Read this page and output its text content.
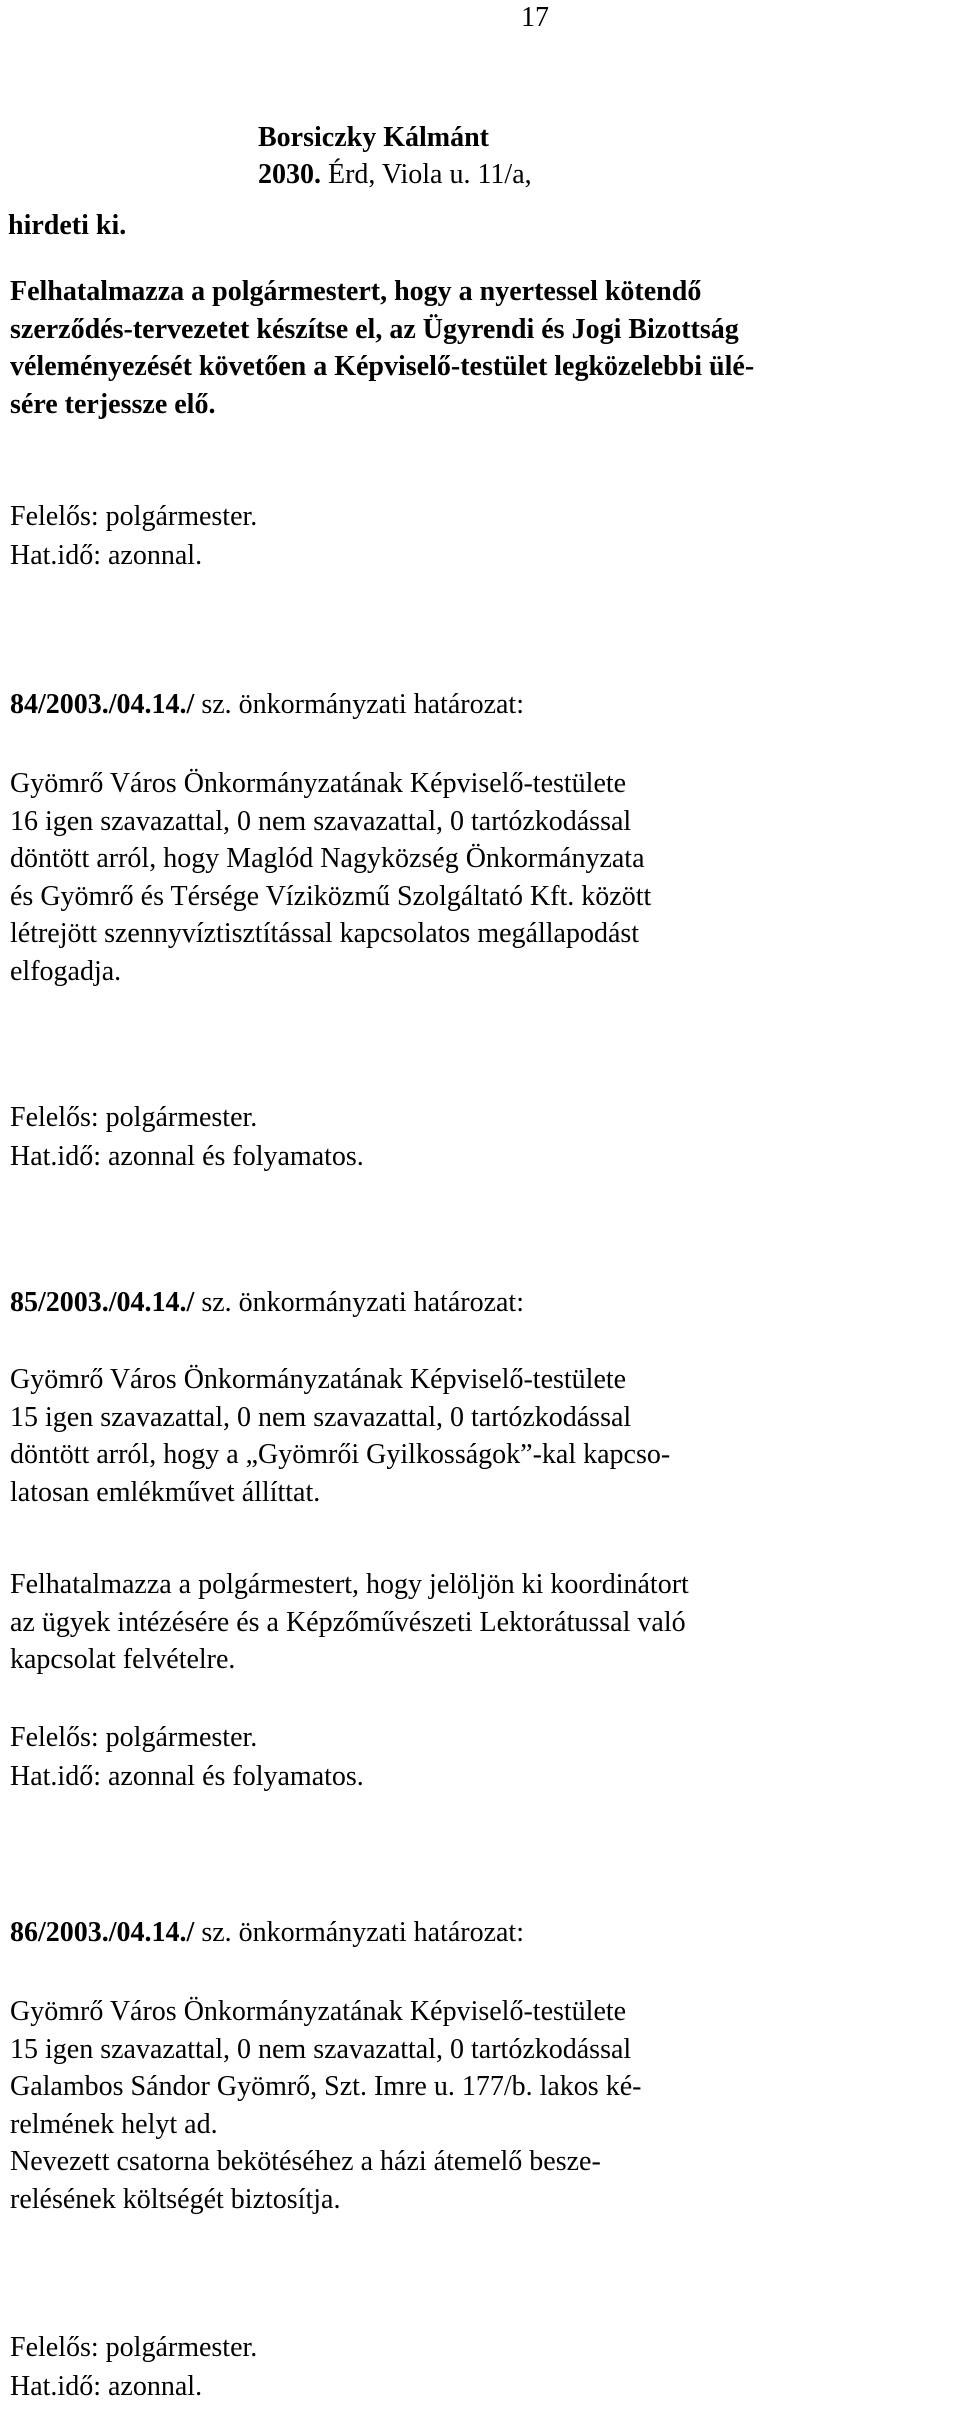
17
Borsiczky Kálmánt
2030. Érd, Viola u. 11/a,
hirdeti ki.
Felhatalmazza a polgármestert, hogy a nyertessel kötendő
szerződés-tervezetet készítse el, az Ügyrendi és Jogi Bizottság
véleményezését követően a Képviselő-testület legközelebbi ülé-
sére terjessze elő.
Felelős: polgármester.
Hat.idő: azonnal.
84/2003./04.14./ sz. önkormányzati határozat:
Gyömrő Város Önkormányzatának Képviselő-testülete
16 igen szavazattal, 0 nem szavazattal, 0 tartózkodással
döntött arról, hogy Maglód Nagyközség Önkormányzata
és Gyömrő és Térsége Víziközmű Szolgáltató Kft. között
létrejött szennyvíztisztítással kapcsolatos megállapodást
elfogadja.
Felelős: polgármester.
Hat.idő: azonnal és folyamatos.
85/2003./04.14./ sz. önkormányzati határozat:
Gyömrő Város Önkormányzatának Képviselő-testülete
15 igen szavazattal, 0 nem szavazattal, 0 tartózkodással
döntött arról, hogy a „Gyömrői Gyilkosságok”-kal kapcso-
latosan emlékművet állíttat.
Felhatalmazza a polgármestert, hogy jelöljön ki koordinátort
az ügyek intézésére és a Képzőművészeti Lektorátussal való
kapcsolat felvételre.
Felelős: polgármester.
Hat.idő: azonnal és folyamatos.
86/2003./04.14./ sz. önkormányzati határozat:
Gyömrő Város Önkormányzatának Képviselő-testülete
15 igen szavazattal, 0 nem szavazattal, 0 tartózkodással
Galambos Sándor Gyömrő, Szt. Imre u. 177/b. lakos ké-
relmének helyt ad.
Nevezett csatorna bekötéséhez a házi átemelő besze-
relésének költségét biztosítja.
Felelős: polgármester.
Hat.idő: azonnal.
